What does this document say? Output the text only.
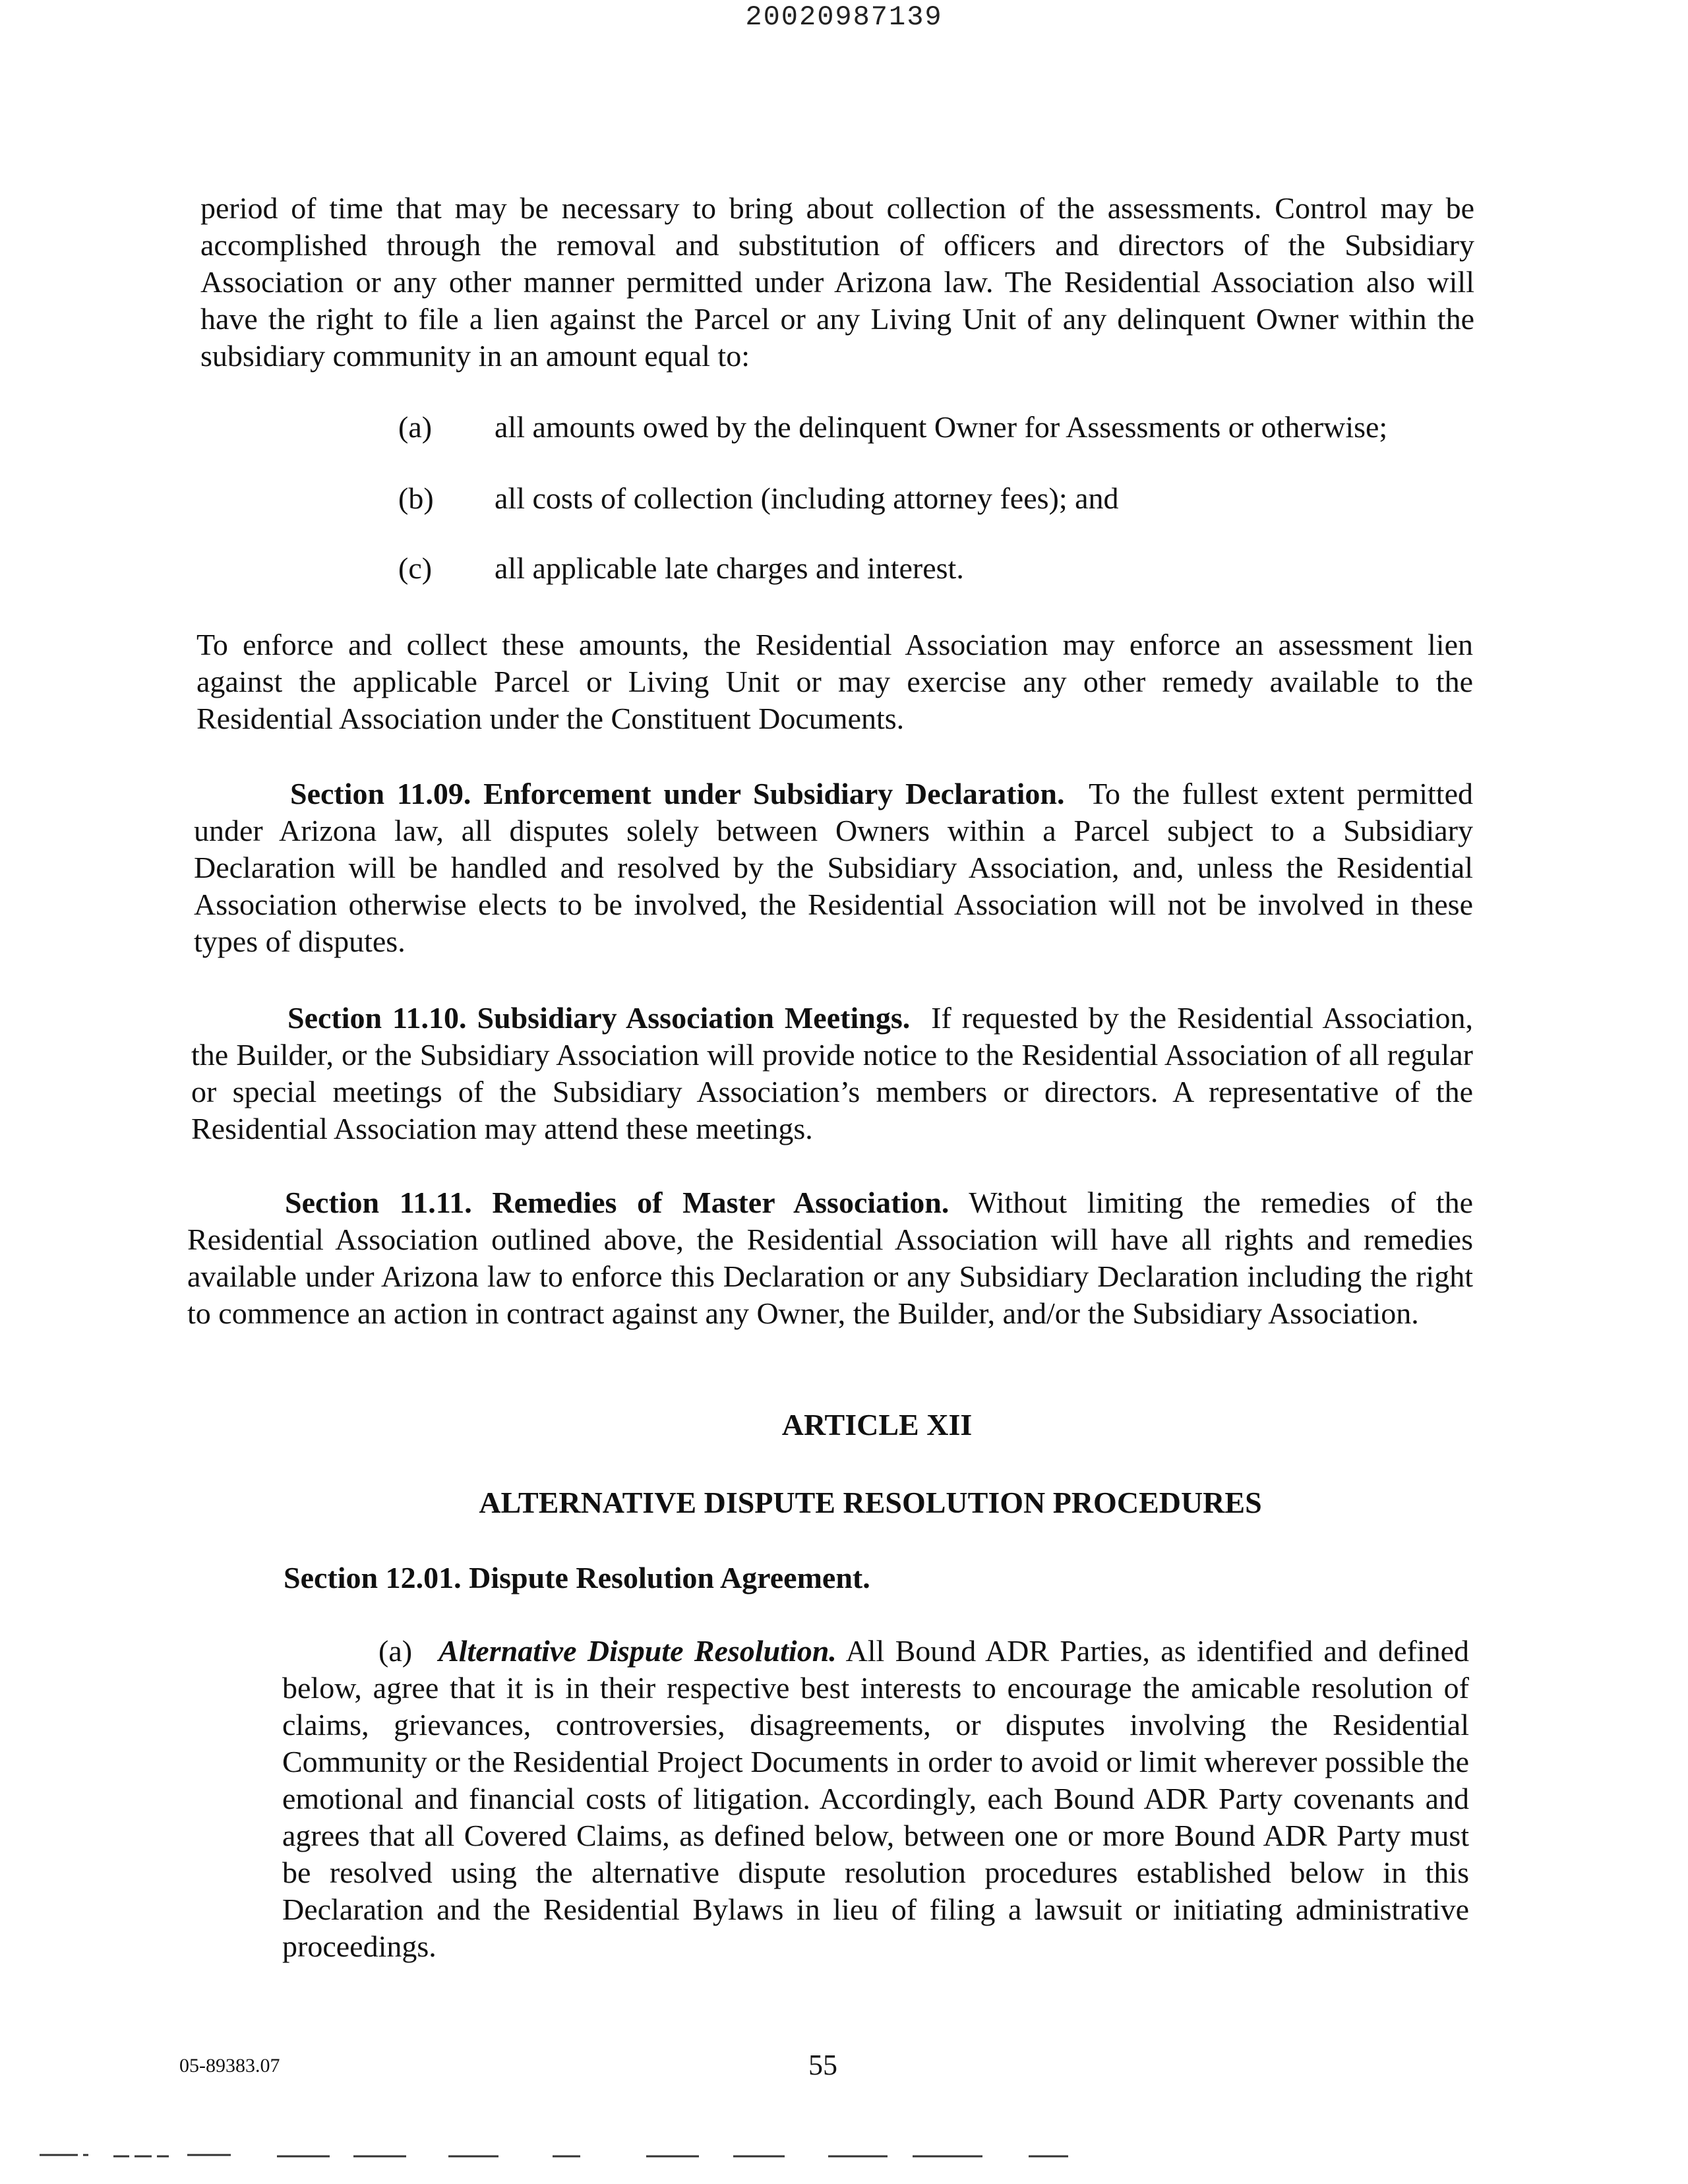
20020987139

period of time that may be necessary to bring about collection of the assessments. Control may be accomplished through the removal and substitution of officers and directors of the Subsidiary Association or any other manner permitted under Arizona law. The Residential Association also will have the right to file a lien against the Parcel or any Living Unit of any delinquent Owner within the subsidiary community in an amount equal to:

(a) all amounts owed by the delinquent Owner for Assessments or otherwise;
(b) all costs of collection (including attorney fees); and
(c) all applicable late charges and interest.

To enforce and collect these amounts, the Residential Association may enforce an assessment lien against the applicable Parcel or Living Unit or may exercise any other remedy available to the Residential Association under the Constituent Documents.

Section 11.09. Enforcement under Subsidiary Declaration. To the fullest extent permitted under Arizona law, all disputes solely between Owners within a Parcel subject to a Subsidiary Declaration will be handled and resolved by the Subsidiary Association, and, unless the Residential Association otherwise elects to be involved, the Residential Association will not be involved in these types of disputes.

Section 11.10. Subsidiary Association Meetings. If requested by the Residential Association, the Builder, or the Subsidiary Association will provide notice to the Residential Association of all regular or special meetings of the Subsidiary Association’s members or directors. A representative of the Residential Association may attend these meetings.

Section 11.11. Remedies of Master Association. Without limiting the remedies of the Residential Association outlined above, the Residential Association will have all rights and remedies available under Arizona law to enforce this Declaration or any Subsidiary Declaration including the right to commence an action in contract against any Owner, the Builder, and/or the Subsidiary Association.

ARTICLE XII
ALTERNATIVE DISPUTE RESOLUTION PROCEDURES
Section 12.01. Dispute Resolution Agreement.

(a) Alternative Dispute Resolution. All Bound ADR Parties, as identified and defined below, agree that it is in their respective best interests to encourage the amicable resolution of claims, grievances, controversies, disagreements, or disputes involving the Residential Community or the Residential Project Documents in order to avoid or limit wherever possible the emotional and financial costs of litigation. Accordingly, each Bound ADR Party covenants and agrees that all Covered Claims, as defined below, between one or more Bound ADR Party must be resolved using the alternative dispute resolution procedures established below in this Declaration and the Residential Bylaws in lieu of filing a lawsuit or initiating administrative proceedings.

05-89383.07	55
